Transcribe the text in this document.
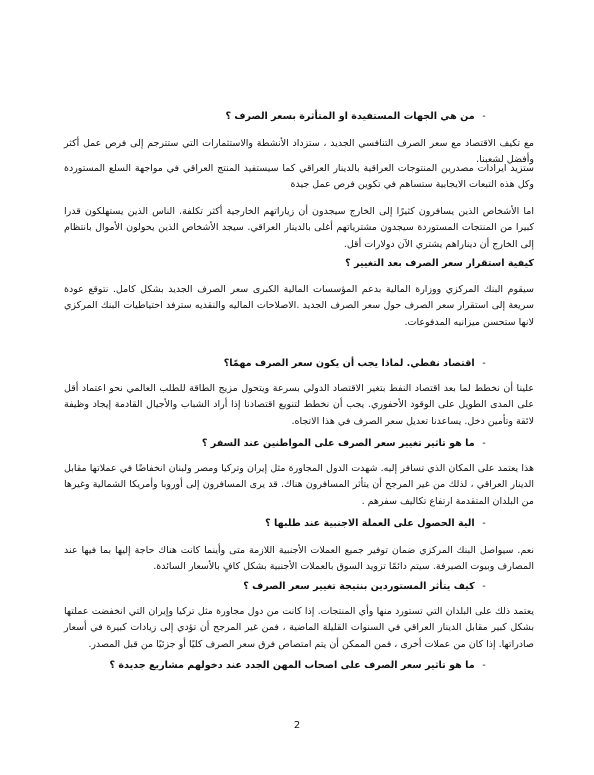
- من هي الجهات المستفيدة او المتأثرة بسعر الصرف ؟

مع تكيف الاقتصاد مع سعر الصرف التنافسي الجديد ، ستزداد الأنشطة والاستثمارات التي ستترجم إلى فرص عمل أكثر وأفضل لشعبنا.

ستزيد ايرادات مصدرين المنتوجات العراقية بالدينار العراقي كما سيستفيد المنتج العراقي في مواجهة السلع المستوردة وكل هذه التبعات الايجابية ستساهم في تكوين فرص عمل جيدة

اما الأشخاص الذين يسافرون كثيرًا إلى الخارج سيجدون أن زياراتهم الخارجية أكثر تكلفة. الناس الذين يستهلكون قدرا كبيرا من المنتجات المستوردة سيجدون مشترياتهم أغلى بالدينار العراقي. سيجد الأشخاص الذين يحولون الأموال بانتظام إلى الخارج أن ديناراهم يشتري الآن دولارات أقل.

كيفية استقرار سعر الصرف بعد التغيير ؟

سيقوم البنك المركزي ووزارة المالية بدعم المؤسسات المالية الكبرى سعر الصرف الجديد بشكل كامل. نتوقع عودة سريعة إلى استقرار سعر الصرف حول سعر الصرف الجديد .الاصلاحات الماليه والنقديه سترفد احتياطيات البنك المركزي لانها ستحسن ميزانيه المدفوعات.

- اقتصاد نفطي. لماذا يجب أن يكون سعر الصرف مهمًا؟

علينا أن نخطط لما بعد اقتصاد النفط بتغير الاقتصاد الدولي بسرعة ويتحول مزيج الطاقة للطلب العالمي نحو اعتماد أقل على المدى الطويل على الوقود الأحفوري. يجب أن نخطط لتنويع اقتصادنا إذا أراد الشباب والأجيال القادمة إيجاد وظيفة لائقة وتأمين دخل. يساعدنا تعديل سعر الصرف في هذا الاتجاه.

- ما هو تاثير تغيير سعر الصرف على المواطنين عند السفر ؟

هذا يعتمد على المكان الذي تسافر إليه. شهدت الدول المجاورة مثل إيران وتركيا ومصر ولبنان انخفاضًا في عملاتها مقابل الدينار العراقي ، لذلك من غير المرجح أن يتأثر المسافرون هناك. قد يرى المسافرون إلى أوروبا وأمريكا الشمالية وغيرها من البلدان المتقدمة ارتفاع تكاليف سفرهم .

- الية الحصول على العملة الاجنبية عند طلبها ؟

نعم. سيواصل البنك المركزي ضمان توفير جميع العملات الأجنبية اللازمة متى وأينما كانت هناك حاجة إليها بما فيها عند المصارف وبيوت الصيرفة. سيتم دائمًا تزويد السوق بالعملات الأجنبية بشكل كافٍ بالأسعار السائدة.

- كيف يتأثر المستوردين بنتيجة تغيير سعر الصرف ؟

يعتمد ذلك على البلدان التي تستورد منها وأي المنتجات. إذا كانت من دول مجاورة مثل تركيا وإيران التي انخفضت عملتها بشكل كبير مقابل الدينار العراقي في السنوات القليلة الماضية ، فمن غير المرجح أن تؤدي إلى زيادات كبيرة في أسعار صادراتها. إذا كان من عملات أخرى ، فمن الممكن أن يتم امتصاص فرق سعر الصرف كليًا أو جزئيًا من قبل المصدر.

- ما هو تاثير سعر الصرف على اصحاب المهن الجدد عند دخولهم مشاريع جديدة ؟
2
